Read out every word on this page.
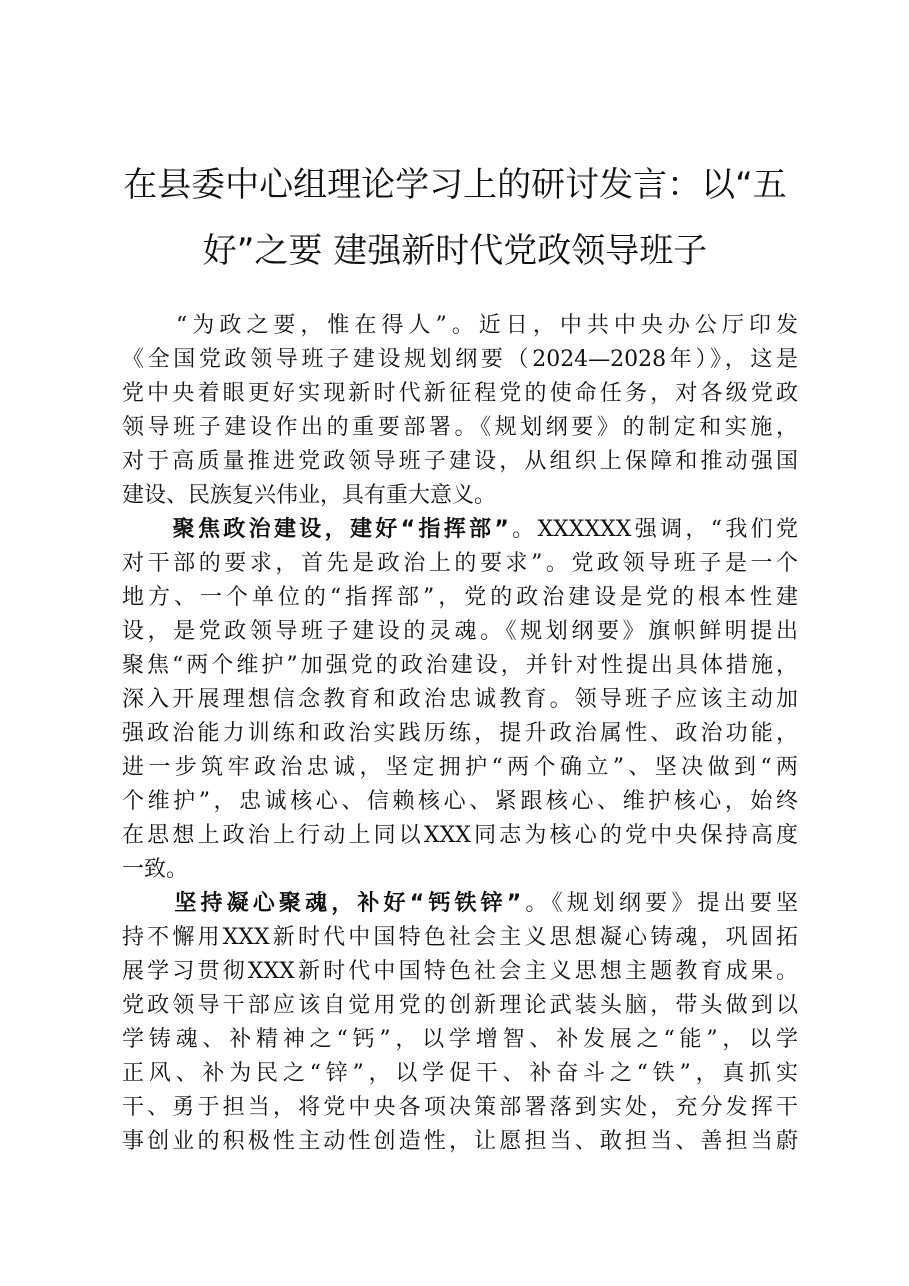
在县委中心组理论学习上的研讨发言：以“五
好”之要 建强新时代党政领导班子
　　“为政之要，惟在得人”。近日，中共中央办公厅印发
《全国党政领导班子建设规划纲要（2024—2028年）》，这是
党中央着眼更好实现新时代新征程党的使命任务，对各级党政
领导班子建设作出的重要部署。《规划纲要》的制定和实施，
对于高质量推进党政领导班子建设，从组织上保障和推动强国
建设、民族复兴伟业，具有重大意义。
　　聚焦政治建设，建好“指挥部”。XXXXXX强调，“我们党
对干部的要求，首先是政治上的要求”。党政领导班子是一个
地方、一个单位的“指挥部”，党的政治建设是党的根本性建
设，是党政领导班子建设的灵魂。《规划纲要》旗帜鲜明提出
聚焦“两个维护”加强党的政治建设，并针对性提出具体措施，
深入开展理想信念教育和政治忠诚教育。领导班子应该主动加
强政治能力训练和政治实践历练，提升政治属性、政治功能，
进一步筑牢政治忠诚，坚定拥护“两个确立”、坚决做到“两
个维护”，忠诚核心、信赖核心、紧跟核心、维护核心，始终
在思想上政治上行动上同以XXX同志为核心的党中央保持高度
一致。
　　坚持凝心聚魂，补好“钙铁锌”。《规划纲要》提出要坚
持不懈用XXX新时代中国特色社会主义思想凝心铸魂，巩固拓
展学习贯彻XXX新时代中国特色社会主义思想主题教育成果。
党政领导干部应该自觉用党的创新理论武装头脑，带头做到以
学铸魂、补精神之“钙”，以学增智、补发展之“能”，以学
正风、补为民之“锌”，以学促干、补奋斗之“铁”，真抓实
干、勇于担当，将党中央各项决策部署落到实处，充分发挥干
事创业的积极性主动性创造性，让愿担当、敢担当、善担当蔚
